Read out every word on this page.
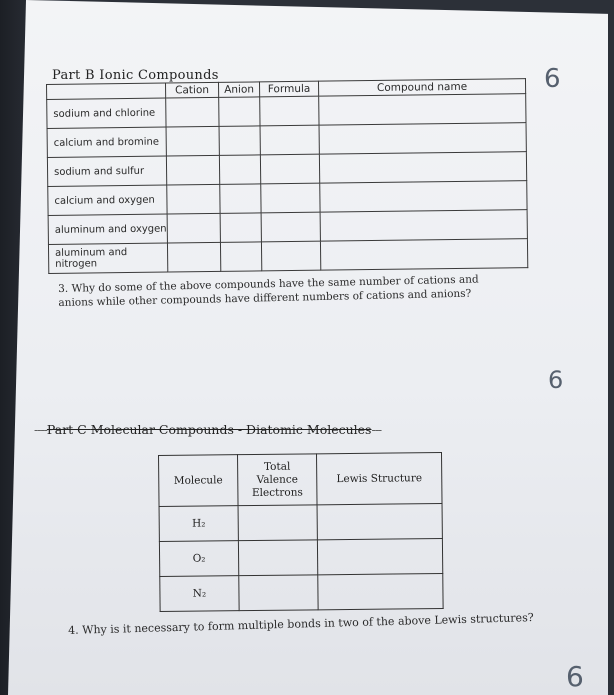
Part B Ionic Compounds
	Cation	Anion	Formula	Compound name
sodium and chlorine				
calcium and bromine				
sodium and sulfur				
calcium and oxygen				
aluminum and oxygen				
aluminum and nitrogen				
3. Why do some of the above compounds have the same number of cations and anions while other compounds have different numbers of cations and anions?
----Part C Molecular Compounds - Diatomic Molecules---
Molecule	Total
Valence
Electrons	Lewis Structure
H₂		
O₂		
N₂		
4. Why is it necessary to form multiple bonds in two of the above Lewis structures?
6
6
6
